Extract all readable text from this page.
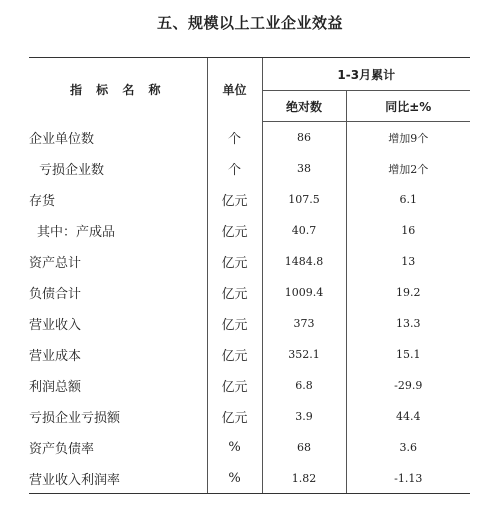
五、规模以上工业企业效益
指 标 名 称	单位	1-3月累计	
		绝对数	同比±%
企业单位数	个	86	增加9个
亏损企业数	个	38	增加2个
存货	亿元	107.5	6.1
其中：产成品	亿元	40.7	16
资产总计	亿元	1484.8	13
负债合计	亿元	1009.4	19.2
营业收入	亿元	373	13.3
营业成本	亿元	352.1	15.1
利润总额	亿元	6.8	-29.9
亏损企业亏损额	亿元	3.9	44.4
资产负债率	%	68	3.6
营业收入利润率	%	1.82	-1.13
